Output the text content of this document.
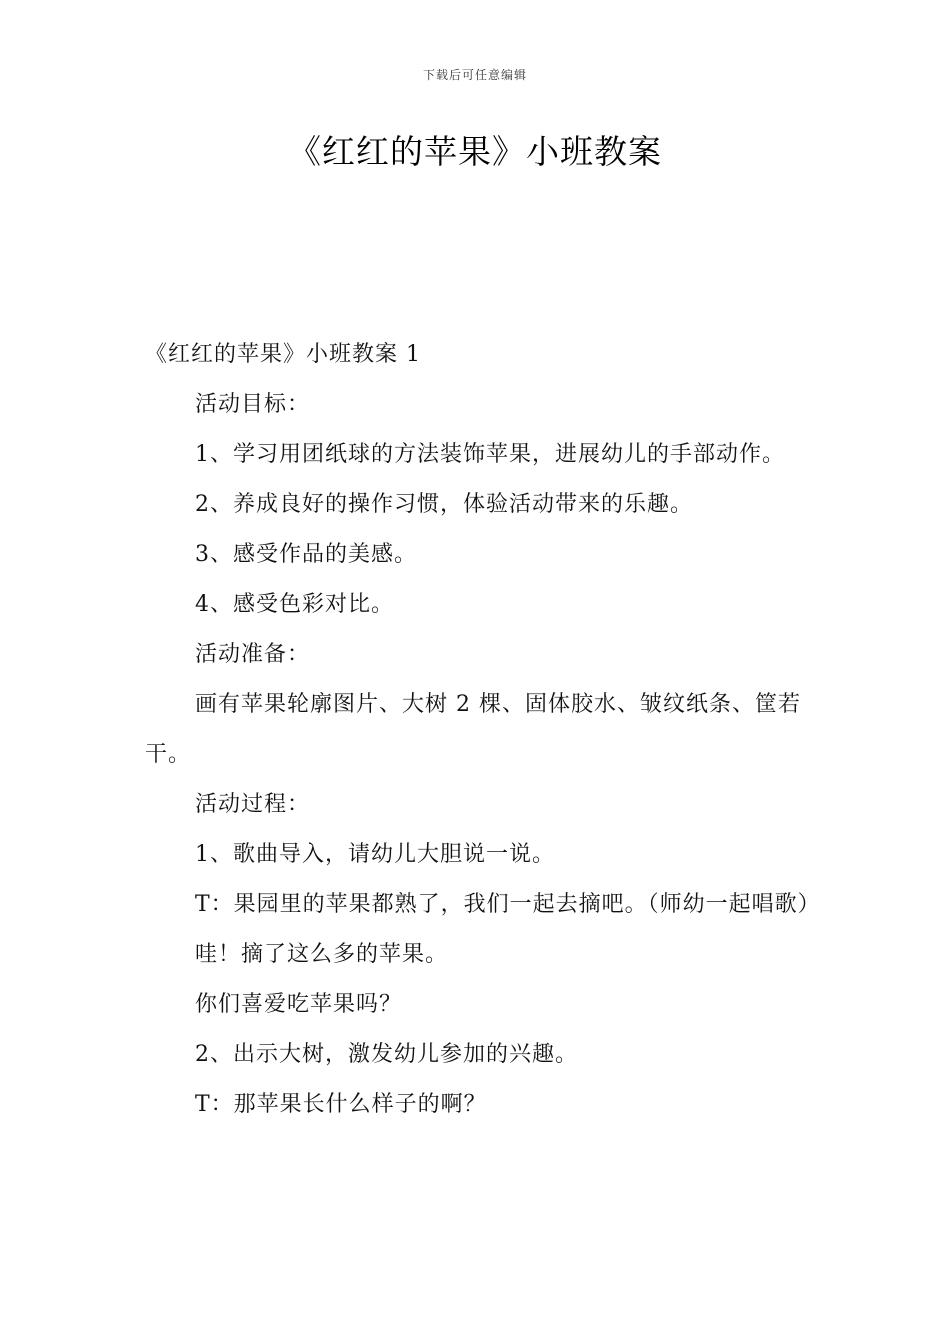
下载后可任意编辑
《红红的苹果》小班教案

《红红的苹果》小班教案 1

活动目标：

1、学习用团纸球的方法装饰苹果，进展幼儿的手部动作。

2、养成良好的操作习惯，体验活动带来的乐趣。

3、感受作品的美感。

4、感受色彩对比。

活动准备：

画有苹果轮廓图片、大树 2 棵、固体胶水、皱纹纸条、筐若干。

活动过程：

1、歌曲导入，请幼儿大胆说一说。

T：果园里的苹果都熟了，我们一起去摘吧。（师幼一起唱歌）

哇！摘了这么多的苹果。

你们喜爱吃苹果吗？

2、出示大树，激发幼儿参加的兴趣。

T：那苹果长什么样子的啊？
